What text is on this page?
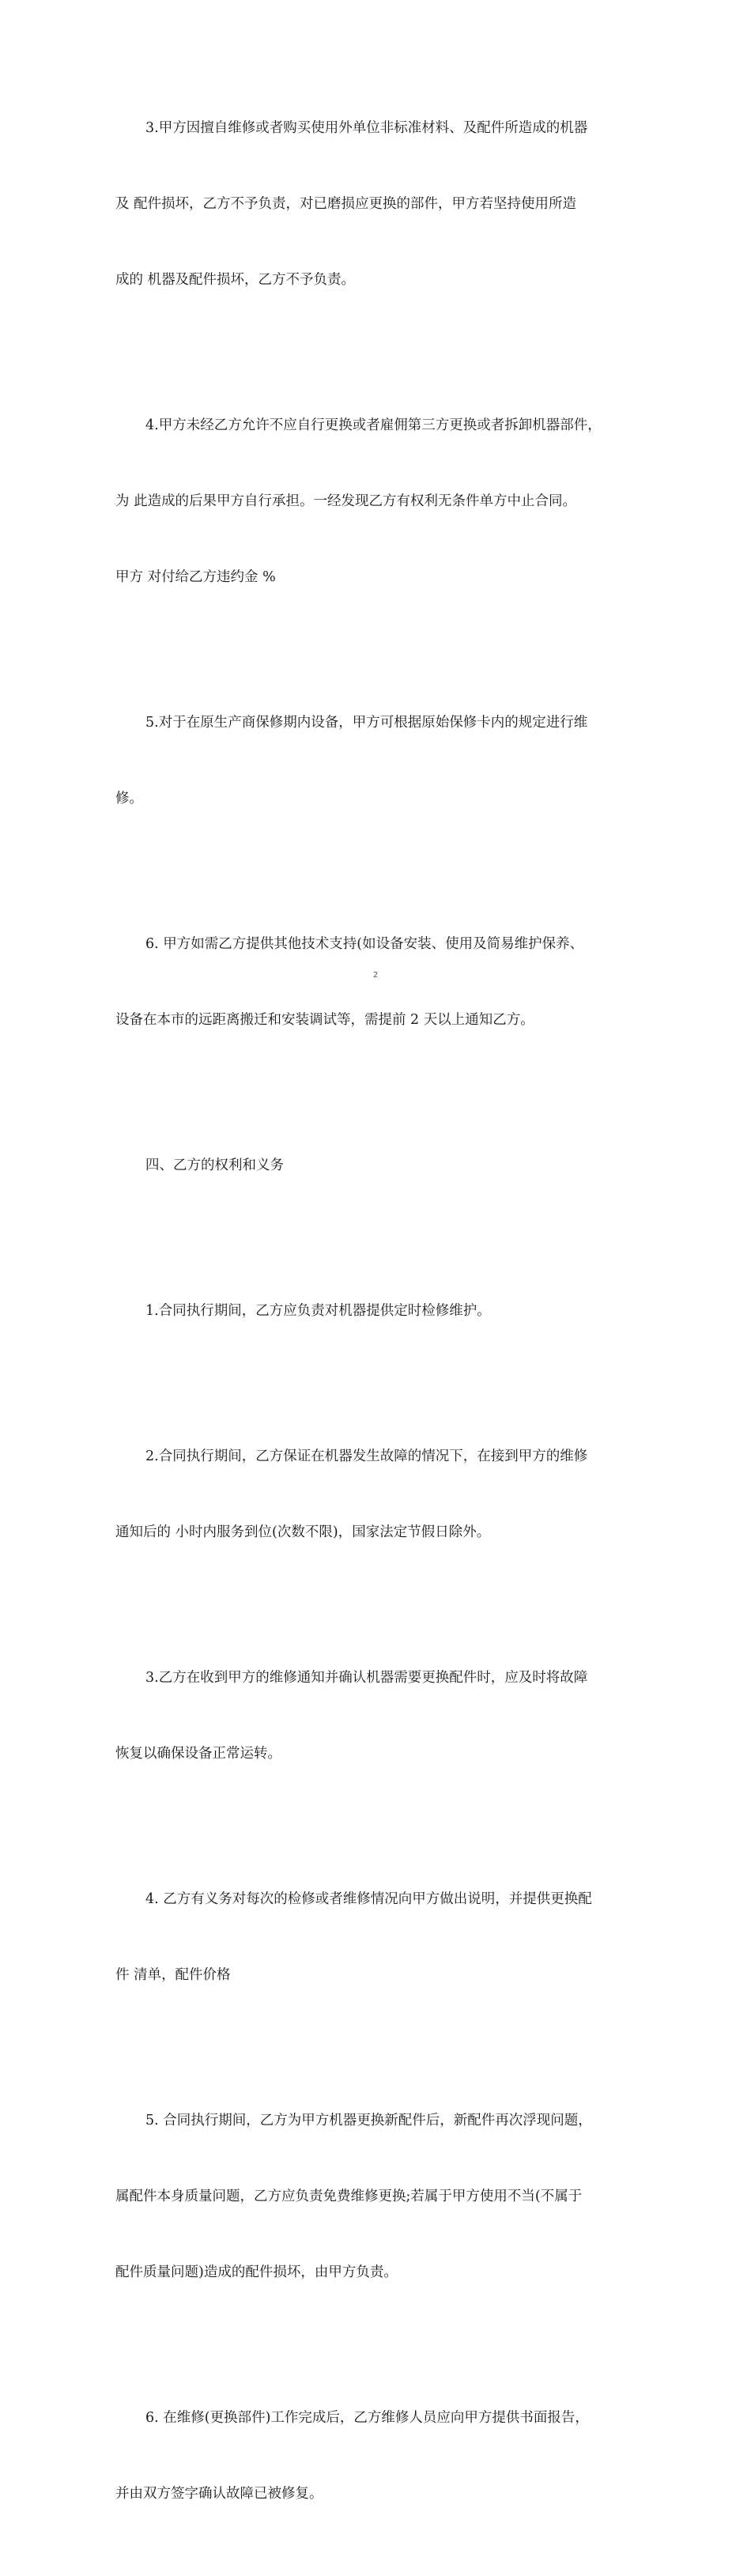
3.甲方因擅自维修或者购买使用外单位非标准材料、及配件所造成的机器

及 配件损坏，乙方不予负责，对已磨损应更换的部件，甲方若坚持使用所造

成的 机器及配件损坏，乙方不予负责。

4.甲方未经乙方允许不应自行更换或者雇佣第三方更换或者拆卸机器部件，

为 此造成的后果甲方自行承担。一经发现乙方有权利无条件单方中止合同。

甲方 对付给乙方违约金 %

5.对于在原生产商保修期内设备，甲方可根据原始保修卡内的规定进行维

修。

6. 甲方如需乙方提供其他技术支持(如设备安装、使用及简易维护保养、

设备在本市的远距离搬迁和安装调试等，需提前 2 天以上通知乙方。

四、乙方的权利和义务

1.合同执行期间，乙方应负责对机器提供定时检修维护。

2.合同执行期间，乙方保证在机器发生故障的情况下，在接到甲方的维修

通知后的 小时内服务到位(次数不限)，国家法定节假日除外。

3.乙方在收到甲方的维修通知并确认机器需要更换配件时，应及时将故障

恢复以确保设备正常运转。

4. 乙方有义务对每次的检修或者维修情况向甲方做出说明，并提供更换配

件 清单，配件价格

5. 合同执行期间，乙方为甲方机器更换新配件后，新配件再次浮现问题，

属配件本身质量问题，乙方应负责免费维修更换;若属于甲方使用不当(不属于

配件质量问题)造成的配件损坏，由甲方负责。

6. 在维修(更换部件)工作完成后，乙方维修人员应向甲方提供书面报告，

并由双方签字确认故障已被修复。

2
